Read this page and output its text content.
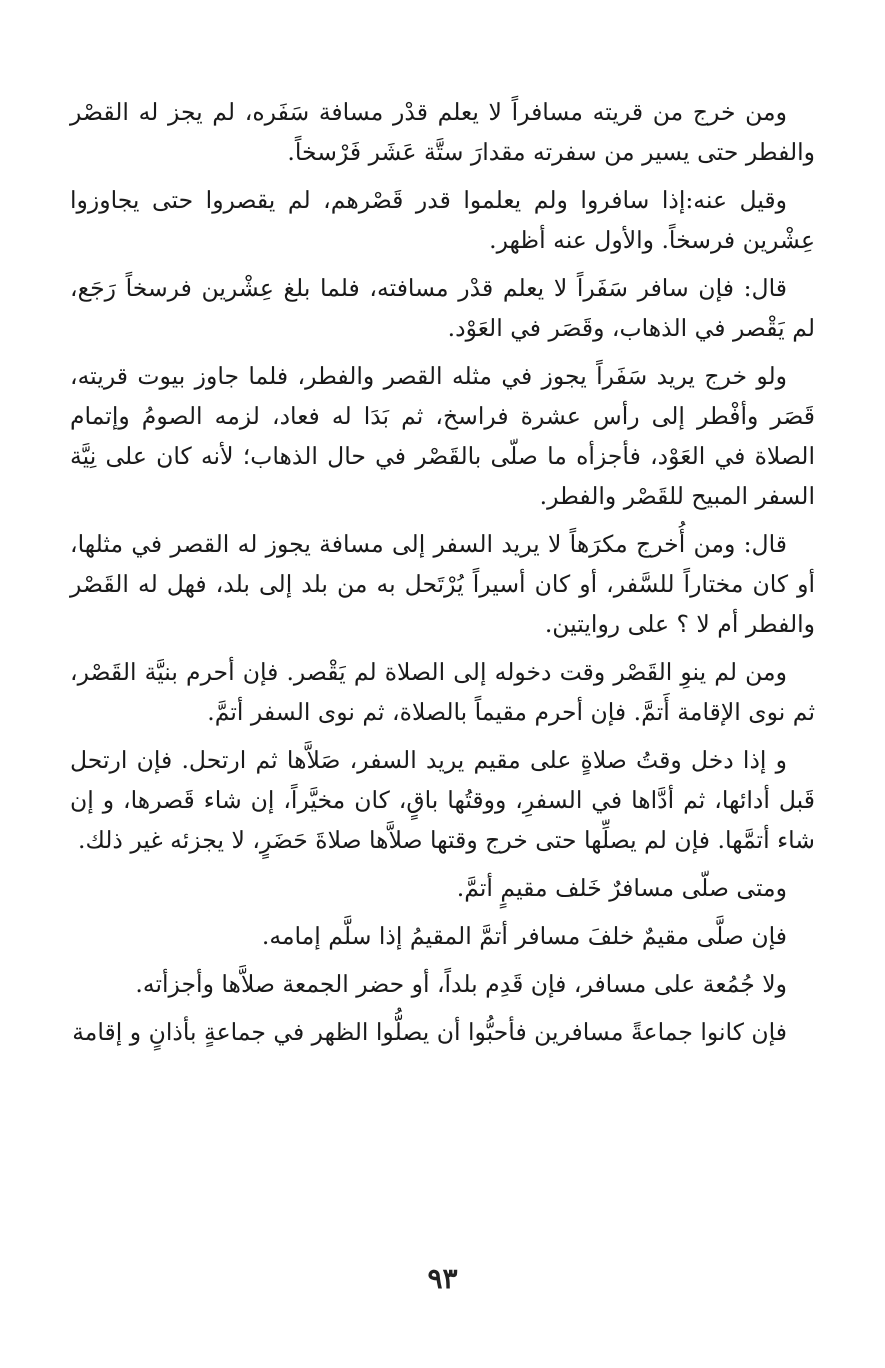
ومن خرج من قريته مسافراً لا يعلم قدْر مسافة سَفَره، لم يجز له القصْر والفطر حتى يسير من سفرته مقدارَ ستَّة عَشَر فَرْسخاً.

وقيل عنه:إذا سافروا ولم يعلموا قدر قَصْرهم، لم يقصروا حتى يجاوزوا عِشْرين فرسخاً. والأول عنه أظهر.

قال: فإن سافر سَفَراً لا يعلم قدْر مسافته، فلما بلغ عِشْرين فرسخاً رَجَع، لم يَقْصر في الذهاب، وقَصَر في العَوْد.

ولو خرج يريد سَفَراً يجوز في مثله القصر والفطر، فلما جاوز بيوت قريته، قَصَر وأفْطر إلى رأس عشرة فراسخ، ثم بَدَا له فعاد، لزمه الصومُ وإتمام الصلاة في العَوْد، فأجزأه ما صلّى بالقَصْر في حال الذهاب؛ لأنه كان على نِيَّة السفر المبيح للقَصْر والفطر.

قال: ومن أُخرج مكرَهاً لا يريد السفر إلى مسافة يجوز له القصر في مثلها، أو كان مختاراً للسَّفر، أو كان أسيراً يُرْتَحل به من بلد إلى بلد، فهل له القَصْر والفطر أم لا ؟ على روايتين.

ومن لم ينوِ القَصْر وقت دخوله إلى الصلاة لم يَقْصر. فإن أحرم بنيَّة القَصْر، ثم نوى الإقامة أَتمَّ. فإن أحرم مقيماً بالصلاة، ثم نوى السفر أتمَّ.

و إذا دخل وقتُ صلاةٍ على مقيم يريد السفر، صَلاَّها ثم ارتحل. فإن ارتحل قَبل أدائها، ثم أدَّاها في السفرِ، ووقتُها باقٍ، كان مخيَّراً، إن شاء قَصرها، و إن شاء أتمَّها. فإن لم يصلِّها حتى خرج وقتها صلاَّها صلاةَ حَضَرٍ، لا يجزئه غير ذلك.

ومتى صلّى مسافرٌ خَلف مقيمٍ أتمَّ.

فإن صلَّى مقيمٌ خلفَ مسافر أتمَّ المقيمُ إذا سلَّم إمامه.

ولا جُمُعة على مسافر، فإن قَدِم بلداً، أو حضر الجمعة صلاَّها وأجزأته.

فإن كانوا جماعةً مسافرين فأحبُّوا أن يصلُّوا الظهر في جماعةٍ بأذانٍ و إقامة

٩٣
